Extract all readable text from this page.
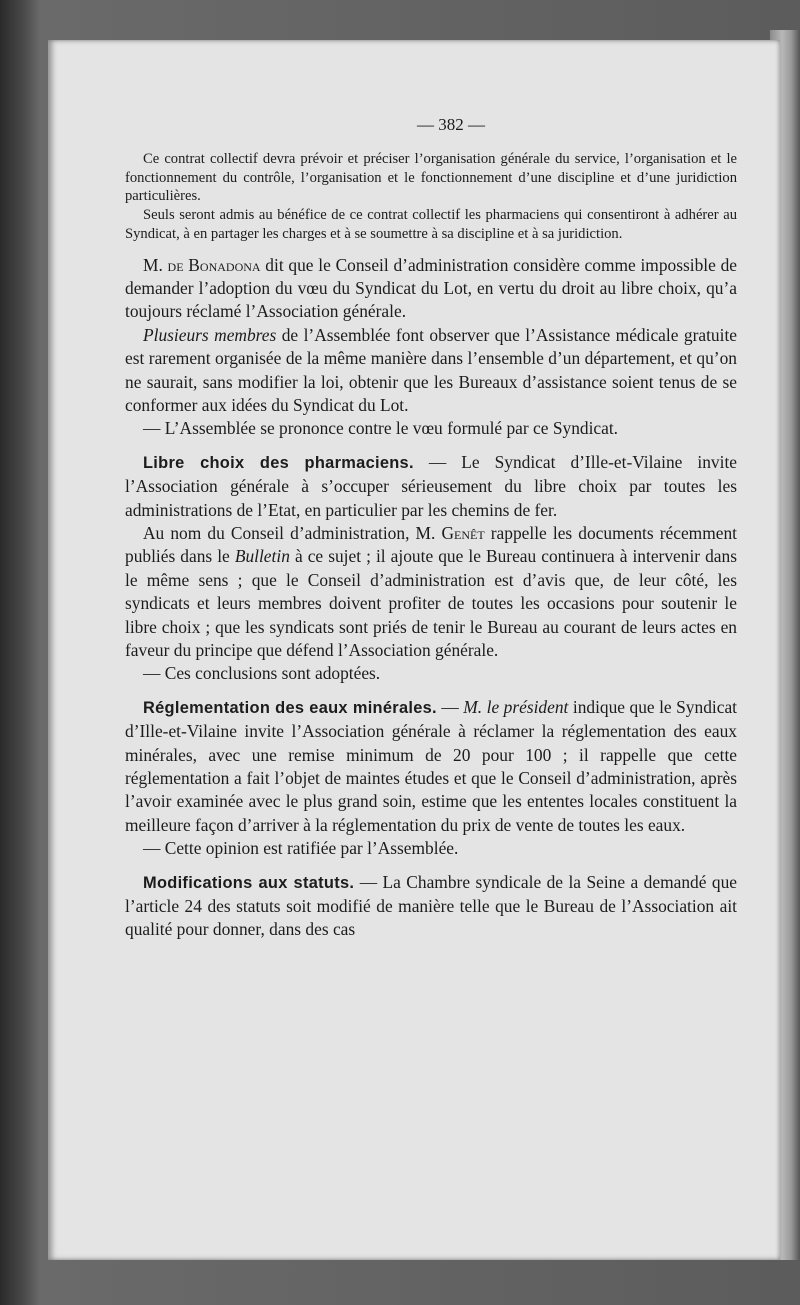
— 382 —

Ce contrat collectif devra prévoir et préciser l’organisation générale du service, l’organisation et le fonctionnement du contrôle, l’organisation et le fonctionnement d’une discipline et d’une juridiction particulières.

Seuls seront admis au bénéfice de ce contrat collectif les pharmaciens qui consentiront à adhérer au Syndicat, à en partager les charges et à se soumettre à sa discipline et à sa juridiction.

M. de Bonadona dit que le Conseil d’administration considère comme impossible de demander l’adoption du vœu du Syndicat du Lot, en vertu du droit au libre choix, qu’a toujours réclamé l’Association générale.

Plusieurs membres de l’Assemblée font observer que l’Assistance médicale gratuite est rarement organisée de la même manière dans l’ensemble d’un département, et qu’on ne saurait, sans modifier la loi, obtenir que les Bureaux d’assistance soient tenus de se conformer aux idées du Syndicat du Lot.

— L’Assemblée se prononce contre le vœu formulé par ce Syndicat.

Libre choix des pharmaciens. — Le Syndicat d’Ille-et-Vilaine invite l’Association générale à s’occuper sérieusement du libre choix par toutes les administrations de l’Etat, en particulier par les chemins de fer.

Au nom du Conseil d’administration, M. Genêt rappelle les documents récemment publiés dans le Bulletin à ce sujet ; il ajoute que le Bureau continuera à intervenir dans le même sens ; que le Conseil d’administration est d’avis que, de leur côté, les syndicats et leurs membres doivent profiter de toutes les occasions pour soutenir le libre choix ; que les syndicats sont priés de tenir le Bureau au courant de leurs actes en faveur du principe que défend l’Association générale.

— Ces conclusions sont adoptées.

Réglementation des eaux minérales. — M. le président indique que le Syndicat d’Ille-et-Vilaine invite l’Association générale à réclamer la réglementation des eaux minérales, avec une remise minimum de 20 pour 100 ; il rappelle que cette réglementation a fait l’objet de maintes études et que le Conseil d’administration, après l’avoir examinée avec le plus grand soin, estime que les ententes locales constituent la meilleure façon d’arriver à la réglementation du prix de vente de toutes les eaux.

— Cette opinion est ratifiée par l’Assemblée.

Modifications aux statuts. — La Chambre syndicale de la Seine a demandé que l’article 24 des statuts soit modifié de manière telle que le Bureau de l’Association ait qualité pour donner, dans des cas
